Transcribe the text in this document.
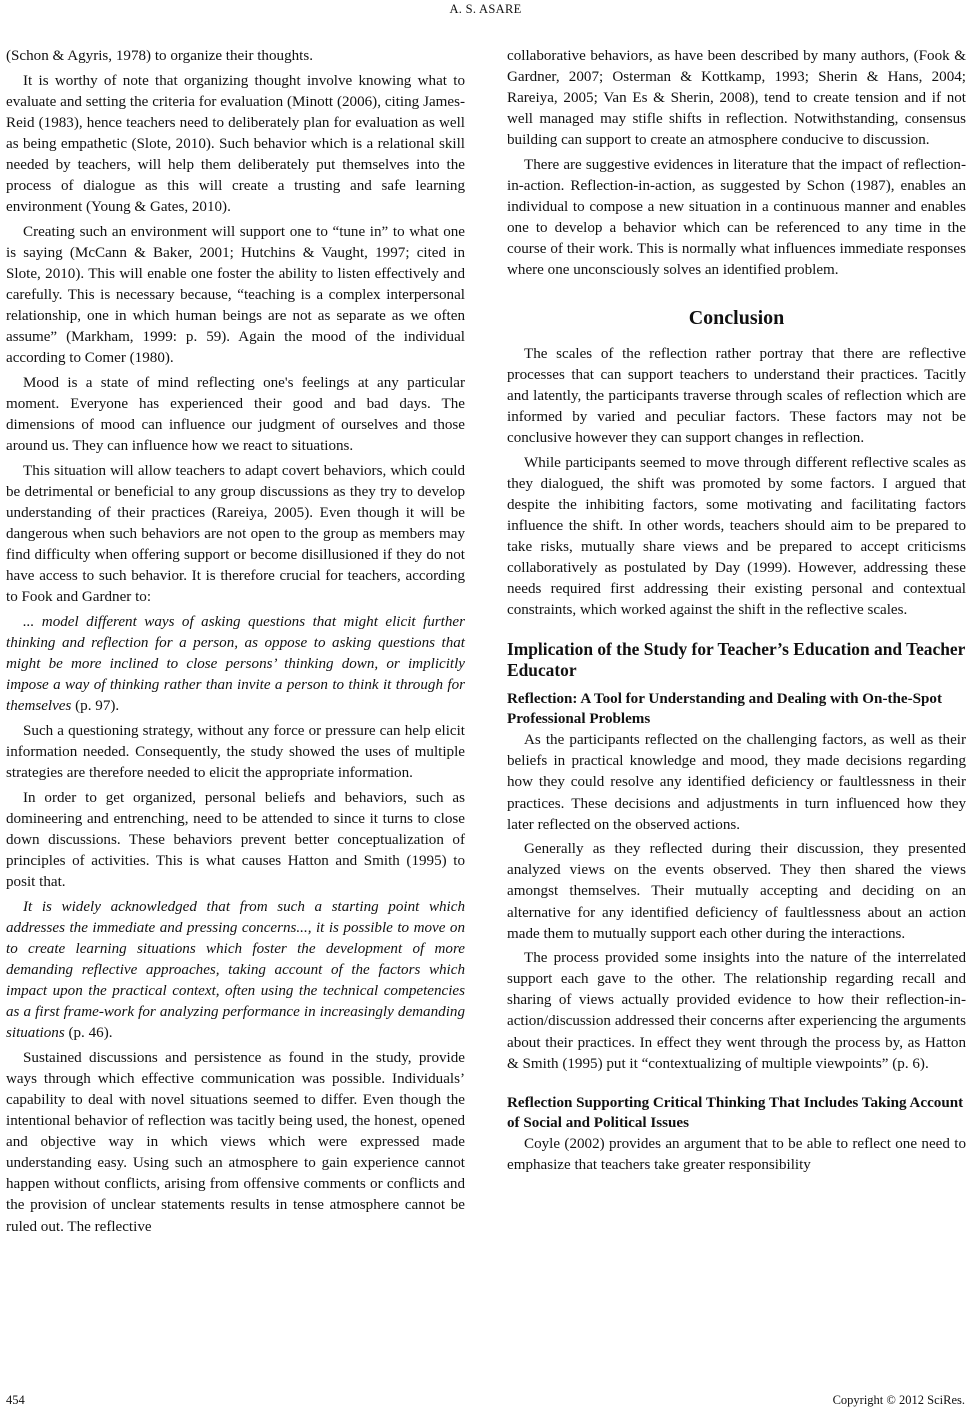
A. S. ASARE

(Schon & Agyris, 1978) to organize their thoughts.

It is worthy of note that organizing thought involve knowing what to evaluate and setting the criteria for evaluation (Minott (2006), citing James-Reid (1983), hence teachers need to deliberately plan for evaluation as well as being empathetic (Slote, 2010). Such behavior which is a relational skill needed by teachers, will help them deliberately put themselves into the process of dialogue as this will create a trusting and safe learning environment (Young & Gates, 2010).

Creating such an environment will support one to “tune in” to what one is saying (McCann & Baker, 2001; Hutchins & Vaught, 1997; cited in Slote, 2010). This will enable one foster the ability to listen effectively and carefully. This is necessary because, “teaching is a complex interpersonal relationship, one in which human beings are not as separate as we often assume” (Markham, 1999: p. 59). Again the mood of the individual according to Comer (1980).

Mood is a state of mind reflecting one's feelings at any particular moment. Everyone has experienced their good and bad days. The dimensions of mood can influence our judgment of ourselves and those around us. They can influence how we react to situations.

This situation will allow teachers to adapt covert behaviors, which could be detrimental or beneficial to any group discussions as they try to develop understanding of their practices (Rareiya, 2005). Even though it will be dangerous when such behaviors are not open to the group as members may find difficulty when offering support or become disillusioned if they do not have access to such behavior. It is therefore crucial for teachers, according to Fook and Gardner to:

... model different ways of asking questions that might elicit further thinking and reflection for a person, as oppose to asking questions that might be more inclined to close persons’ thinking down, or implicitly impose a way of thinking rather than invite a person to think it through for themselves (p. 97).

Such a questioning strategy, without any force or pressure can help elicit information needed. Consequently, the study showed the uses of multiple strategies are therefore needed to elicit the appropriate information.

In order to get organized, personal beliefs and behaviors, such as domineering and entrenching, need to be attended to since it turns to close down discussions. These behaviors prevent better conceptualization of principles of activities. This is what causes Hatton and Smith (1995) to posit that.

It is widely acknowledged that from such a starting point which addresses the immediate and pressing concerns..., it is possible to move on to create learning situations which foster the development of more demanding reflective approaches, taking account of the factors which impact upon the practical context, often using the technical competencies as a first frame-work for analyzing performance in increasingly demanding situations (p. 46).

Sustained discussions and persistence as found in the study, provide ways through which effective communication was possible. Individuals’ capability to deal with novel situations seemed to differ. Even though the intentional behavior of reflection was tacitly being used, the honest, opened and objective way in which views which were expressed made understanding easy. Using such an atmosphere to gain experience cannot happen without conflicts, arising from offensive comments or conflicts and the provision of unclear statements results in tense atmosphere cannot be ruled out. The reflective

collaborative behaviors, as have been described by many authors, (Fook & Gardner, 2007; Osterman & Kottkamp, 1993; Sherin & Hans, 2004; Rareiya, 2005; Van Es & Sherin, 2008), tend to create tension and if not well managed may stifle shifts in reflection. Notwithstanding, consensus building can support to create an atmosphere conducive to discussion.

There are suggestive evidences in literature that the impact of reflection-in-action. Reflection-in-action, as suggested by Schon (1987), enables an individual to compose a new situation in a continuous manner and enables one to develop a behavior which can be referenced to any time in the course of their work. This is normally what influences immediate responses where one unconsciously solves an identified problem.

Conclusion

The scales of the reflection rather portray that there are reflective processes that can support teachers to understand their practices. Tacitly and latently, the participants traverse through scales of reflection which are informed by varied and peculiar factors. These factors may not be conclusive however they can support changes in reflection.

While participants seemed to move through different reflective scales as they dialogued, the shift was promoted by some factors. I argued that despite the inhibiting factors, some motivating and facilitating factors influence the shift. In other words, teachers should aim to be prepared to take risks, mutually share views and be prepared to accept criticisms collaboratively as postulated by Day (1999). However, addressing these needs required first addressing their existing personal and contextual constraints, which worked against the shift in the reflective scales.

Implication of the Study for Teacher’s Education and Teacher Educator
Reflection: A Tool for Understanding and Dealing with On-the-Spot Professional Problems

As the participants reflected on the challenging factors, as well as their beliefs in practical knowledge and mood, they made decisions regarding how they could resolve any identified deficiency or faultlessness in their practices. These decisions and adjustments in turn influenced how they later reflected on the observed actions.

Generally as they reflected during their discussion, they presented analyzed views on the events observed. They then shared the views amongst themselves. Their mutually accepting and deciding on an alternative for any identified deficiency of faultlessness about an action made them to mutually support each other during the interactions.

The process provided some insights into the nature of the interrelated support each gave to the other. The relationship regarding recall and sharing of views actually provided evidence to how their reflection-in-action/discussion addressed their concerns after experiencing the arguments about their practices. In effect they went through the process by, as Hatton & Smith (1995) put it “contextualizing of multiple viewpoints” (p. 6).

Reflection Supporting Critical Thinking That Includes Taking Account of Social and Political Issues

Coyle (2002) provides an argument that to be able to reflect one need to emphasize that teachers take greater responsibility

454	Copyright © 2012 SciRes.
